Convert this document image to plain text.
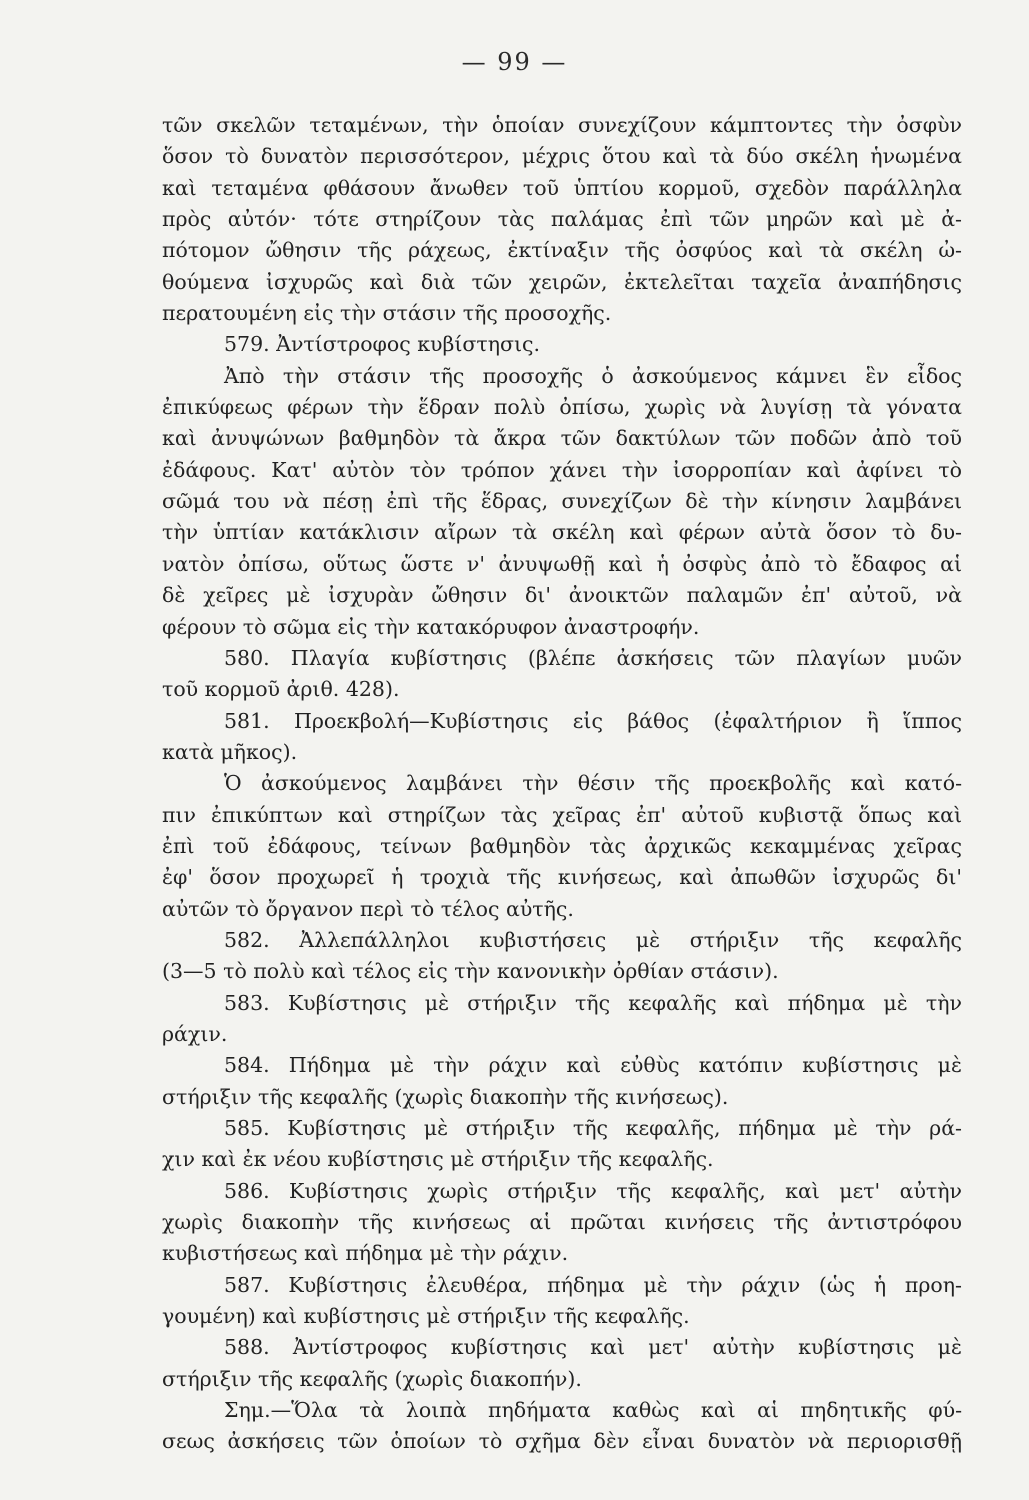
— 99 —
τῶν σκελῶν τεταμένων, τὴν ὁποίαν συνεχίζουν κάμπτοντες τὴν ὀσφὺν
ὅσον τὸ δυνατὸν περισσότερον, μέχρις ὅτου καὶ τὰ δύο σκέλη ἡνωμένα
καὶ τεταμένα φθάσουν ἄνωθεν τοῦ ὑπτίου κορμοῦ, σχεδὸν παράλληλα
πρὸς αὐτόν· τότε στηρίζουν τὰς παλάμας ἐπὶ τῶν μηρῶν καὶ μὲ ἀ-
πότομον ὤθησιν τῆς ράχεως, ἐκτίναξιν τῆς ὀσφύος καὶ τὰ σκέλη ὠ-
θούμενα ἰσχυρῶς καὶ διὰ τῶν χειρῶν, ἐκτελεῖται ταχεῖα ἀναπήδησις
περατουμένη εἰς τὴν στάσιν τῆς προσοχῆς.
579. Ἀντίστροφος κυβίστησις.
Ἀπὸ τὴν στάσιν τῆς προσοχῆς ὁ ἀσκούμενος κάμνει ἓν εἶδος
ἐπικύφεως φέρων τὴν ἕδραν πολὺ ὀπίσω, χωρὶς νὰ λυγίσῃ τὰ γόνατα
καὶ ἀνυψώνων βαθμηδὸν τὰ ἄκρα τῶν δακτύλων τῶν ποδῶν ἀπὸ τοῦ
ἐδάφους. Κατ' αὐτὸν τὸν τρόπον χάνει τὴν ἰσορροπίαν καὶ ἀφίνει τὸ
σῶμά του νὰ πέσῃ ἐπὶ τῆς ἕδρας, συνεχίζων δὲ τὴν κίνησιν λαμβάνει
τὴν ὑπτίαν κατάκλισιν αἴρων τὰ σκέλη καὶ φέρων αὐτὰ ὅσον τὸ δυ-
νατὸν ὀπίσω, οὕτως ὥστε ν' ἀνυψωθῇ καὶ ἡ ὀσφὺς ἀπὸ τὸ ἔδαφος αἱ
δὲ χεῖρες μὲ ἰσχυρὰν ὤθησιν δι' ἀνοικτῶν παλαμῶν ἐπ' αὐτοῦ, νὰ
φέρουν τὸ σῶμα εἰς τὴν κατακόρυφον ἀναστροφήν.
580. Πλαγία κυβίστησις (βλέπε ἀσκήσεις τῶν πλαγίων μυῶν
τοῦ κορμοῦ ἀριθ. 428).
581. Προεκβολή—Κυβίστησις εἰς βάθος (ἐφαλτήριον ἢ ἵππος
κατὰ μῆκος).
Ὁ ἀσκούμενος λαμβάνει τὴν θέσιν τῆς προεκβολῆς καὶ κατό-
πιν ἐπικύπτων καὶ στηρίζων τὰς χεῖρας ἐπ' αὐτοῦ κυβιστᾷ ὅπως καὶ
ἐπὶ τοῦ ἐδάφους, τείνων βαθμηδὸν τὰς ἀρχικῶς κεκαμμένας χεῖρας
ἐφ' ὅσον προχωρεῖ ἡ τροχιὰ τῆς κινήσεως, καὶ ἀπωθῶν ἰσχυρῶς δι'
αὐτῶν τὸ ὄργανον περὶ τὸ τέλος αὐτῆς.
582. Ἀλλεπάλληλοι κυβιστήσεις μὲ στήριξιν τῆς κεφαλῆς
(3—5 τὸ πολὺ καὶ τέλος εἰς τὴν κανονικὴν ὀρθίαν στάσιν).
583. Κυβίστησις μὲ στήριξιν τῆς κεφαλῆς καὶ πήδημα μὲ τὴν
ράχιν.
584. Πήδημα μὲ τὴν ράχιν καὶ εὐθὺς κατόπιν κυβίστησις μὲ
στήριξιν τῆς κεφαλῆς (χωρὶς διακοπὴν τῆς κινήσεως).
585. Κυβίστησις μὲ στήριξιν τῆς κεφαλῆς, πήδημα μὲ τὴν ρά-
χιν καὶ ἐκ νέου κυβίστησις μὲ στήριξιν τῆς κεφαλῆς.
586. Κυβίστησις χωρὶς στήριξιν τῆς κεφαλῆς, καὶ μετ' αὐτὴν
χωρὶς διακοπὴν τῆς κινήσεως αἱ πρῶται κινήσεις τῆς ἀντιστρόφου
κυβιστήσεως καὶ πήδημα μὲ τὴν ράχιν.
587. Κυβίστησις ἐλευθέρα, πήδημα μὲ τὴν ράχιν (ὡς ἡ προη-
γουμένη) καὶ κυβίστησις μὲ στήριξιν τῆς κεφαλῆς.
588. Ἀντίστροφος κυβίστησις καὶ μετ' αὐτὴν κυβίστησις μὲ
στήριξιν τῆς κεφαλῆς (χωρὶς διακοπήν).
Σημ.—Ὅλα τὰ λοιπὰ πηδήματα καθὼς καὶ αἱ πηδητικῆς φύ-
σεως ἀσκήσεις τῶν ὁποίων τὸ σχῆμα δὲν εἶναι δυνατὸν νὰ περιορισθῇ
